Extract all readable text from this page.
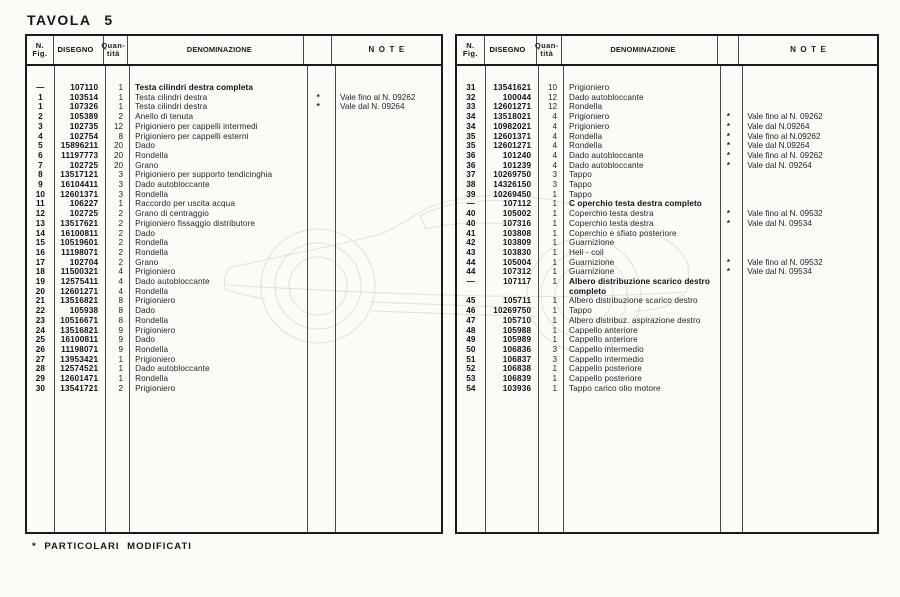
TAVOLA 5
N.
Fig.	DISEGNO	Quan-
tità	DENOMINAZIONE	NOTE
—	107110	1	Testa cilindri destra completa
1	103514	1	Testa cilindri destra	*	Vale fino al N. 09262
1	107326	1	Testa cilindri destra	*	Vale dal N. 09264
2	105389	2	Anello di tenuta
3	102735	12	Prigioniero per cappelli intermedi
4	102754	8	Prigioniero per cappelli esterni
5	15896211	20	Dado
6	11197773	20	Rondella
7	102725	20	Grano
8	13517121	3	Prigioniero per supporto tendicinghia
9	16104411	3	Dado autobloccante
10	12601371	3	Rondella
11	106227	1	Raccordo per uscita acqua
12	102725	2	Grano di centraggio
13	13517621	2	Prigioniero fissaggio distributore
14	16100811	2	Dado
15	10519601	2	Rondella
16	11198071	2	Rondella
17	102704	2	Grano
18	11500321	4	Prigioniero
19	12575411	4	Dado autobloccante
20	12601271	4	Rondella
21	13516821	8	Prigioniero
22	105938	8	Dado
23	10516671	8	Rondella
24	13516821	9	Prigioniero
25	16100811	9	Dado
26	11198071	9	Rondella
27	13953421	1	Prigioniero
28	12574521	1	Dado autobloccante
29	12601471	1	Rondella
30	13541721	2	Prigioniero
N.
Fig.	DISEGNO	Quan-
tità	DENOMINAZIONE	NOTE
31	13541621	10	Prigioniero
32	100044	12	Dado autobloccante
33	12601271	12	Rondella
34	13518021	4	Prigioniero	*	Vale fino al N. 09262
34	10982021	4	Prigioniero	*	Vale dal N.09264
35	12601371	4	Rondella	*	Vale fino al N.09262
35	12601271	4	Rondella	*	Vale dal N.09264
36	101240	4	Dado autobloccante	*	Vale fino al N. 09262
36	101239	4	Dado autobloccante	*	Vale dal N. 09264
37	10269750	3	Tappo
38	14326150	3	Tappo
39	10269450	1	Tappo
—	107112	1	C operchio testa destra completo
40	105002	1	Coperchio testa destra	*	Vale fino al N. 09532
40	107316	1	Coperchio testa destra	*	Vale dal N. 09534
41	103808	1	Coperchio e sfiato posteriore
42	103809	1	Guarnizione
43	103830	1	Heli - coil
44	105004	1	Guarnizione	*	Vale fino al N. 09532
44	107312	1	Guarnizione	*	Vale dal N. 09534
—	107117	1	Albero distribuzione scarico destro completo
45	105711	1	Albero distribuzione scarico destro
46	10269750	1	Tappo
47	105710	1	Albero distribuz. aspirazione destro
48	105988	1	Cappello anteriore
49	105989	1	Cappello anteriore
50	106836	3	Cappello intermedio
51	106837	3	Cappello intermedio
52	106838	1	Cappello posteriore
53	106839	1	Cappello posteriore
54	103936	1	Tappo carico olio motore
* PARTICOLARI MODIFICATI
